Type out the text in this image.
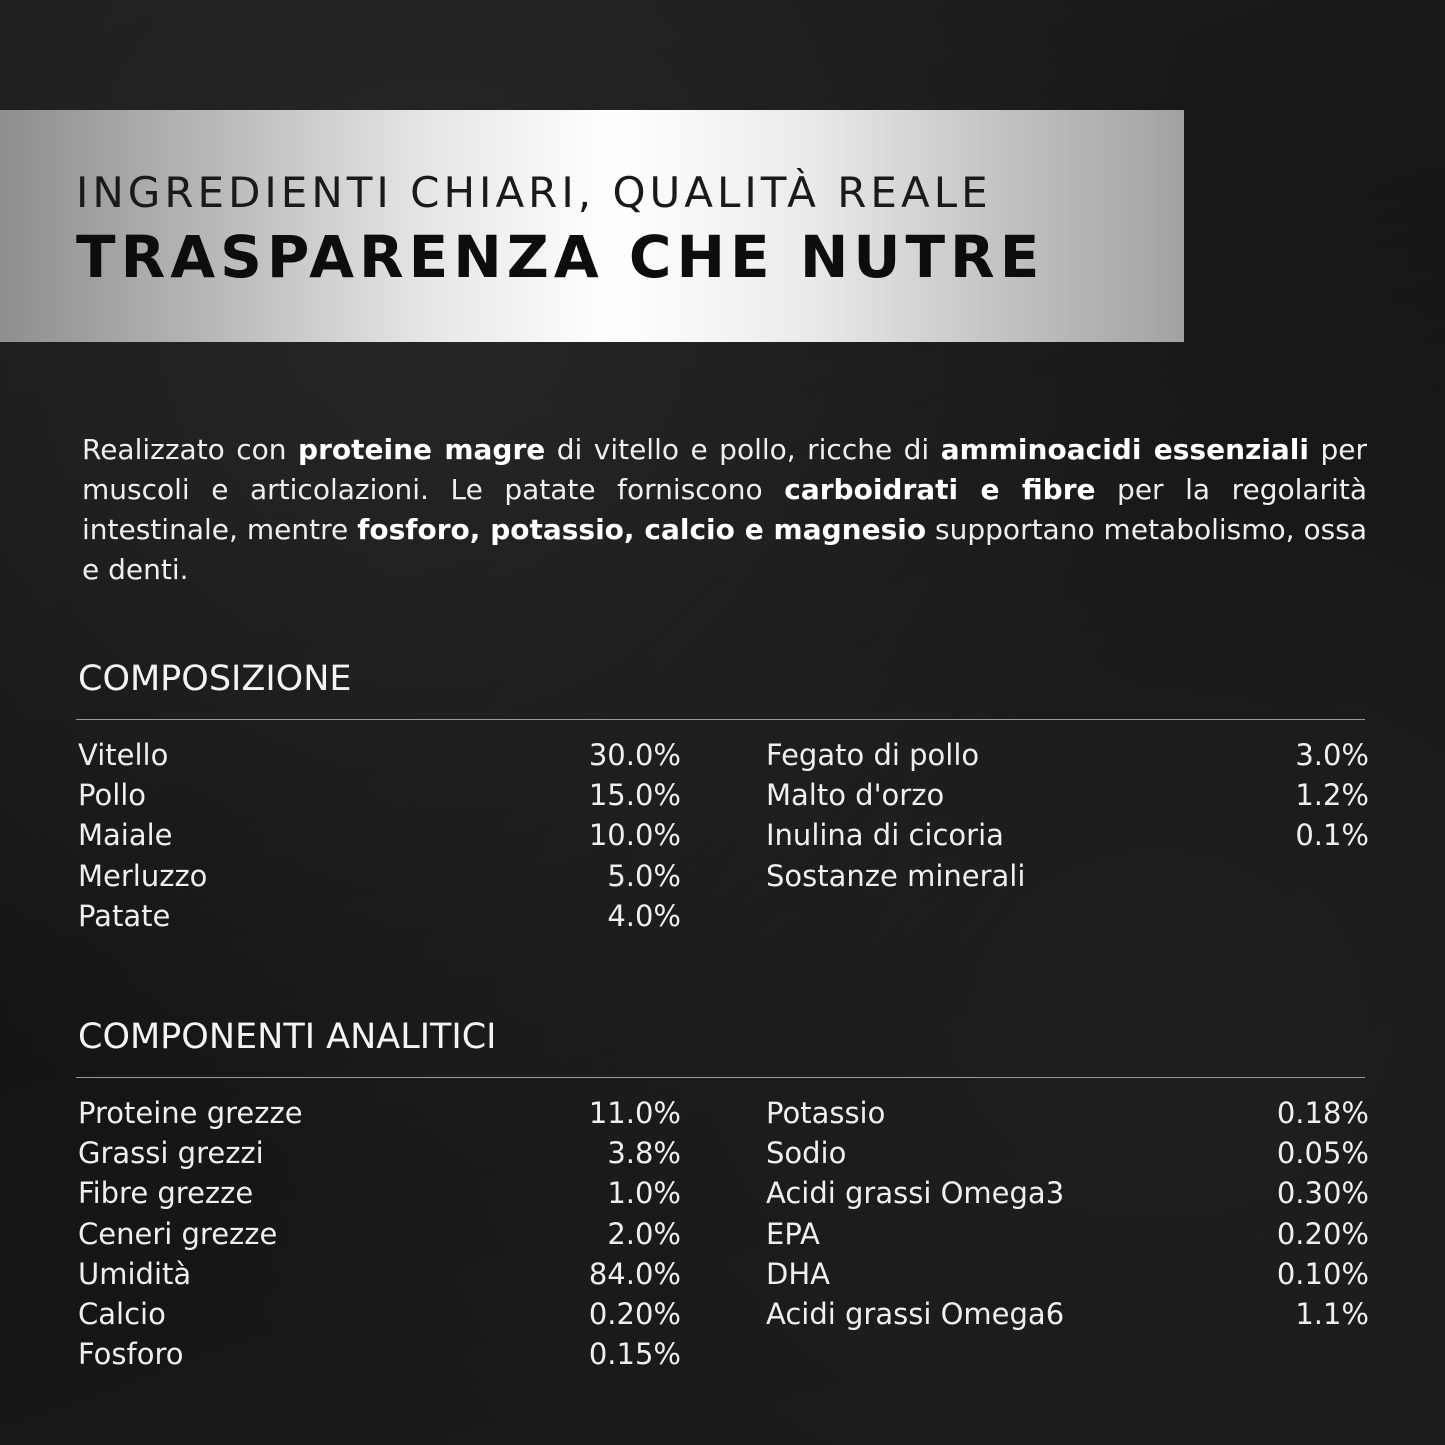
INGREDIENTI CHIARI, QUALITÀ REALE
TRASPARENZA CHE NUTRE

Realizzato con proteine magre di vitello e pollo, ricche di amminoacidi essenziali per muscoli e articolazioni. Le patate forniscono carboidrati e fibre per la regolarità intestinale, mentre fosforo, potassio, calcio e magnesio supportano metabolismo, ossa e denti.

COMPOSIZIONE
Vitello	30.0%
Pollo	15.0%
Maiale	10.0%
Merluzzo	5.0%
Patate	4.0%
Fegato di pollo	3.0%
Malto d'orzo	1.2%
Inulina di cicoria	0.1%
Sostanze minerali
COMPONENTI ANALITICI
Proteine grezze	11.0%
Grassi grezzi	3.8%
Fibre grezze	1.0%
Ceneri grezze	2.0%
Umidità	84.0%
Calcio	0.20%
Fosforo	0.15%
Potassio	0.18%
Sodio	0.05%
Acidi grassi Omega3	0.30%
EPA	0.20%
DHA	0.10%
Acidi grassi Omega6	1.1%
